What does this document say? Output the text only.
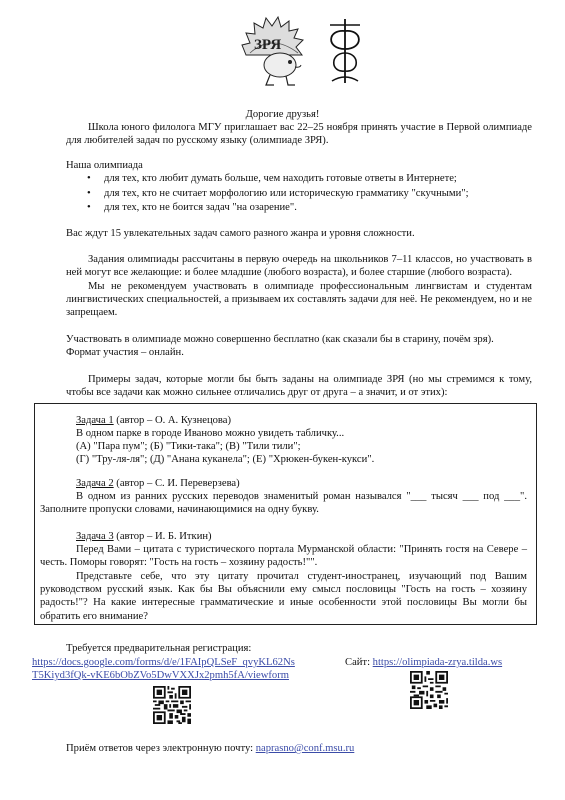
ЗРЯ
Дорогие друзья!

Школа юного филолога МГУ приглашает вас 22–25 ноября принять участие в Первой олимпиаде для любителей задач по русскому языку (олимпиаде ЗРЯ).

Наша олимпиада

• для тех, кто любит думать больше, чем находить готовые ответы в Интернете;
• для тех, кто не считает морфологию или историческую грамматику "скучными";
• для тех, кто не боится задач "на озарение".

Вас ждут 15 увлекательных задач самого разного жанра и уровня сложности.

Задания олимпиады рассчитаны в первую очередь на школьников 7–11 классов, но участвовать в ней могут все желающие: и более младшие (любого возраста), и более старшие (любого возраста).

Мы не рекомендуем участвовать в олимпиаде профессиональным лингвистам и студентам лингвистических специальностей, а призываем их составлять задачи для неё. Не рекомендуем, но и не запрещаем.

Участвовать в олимпиаде можно совершенно бесплатно (как сказали бы в старину, почём зря).

Формат участия – онлайн.

Примеры задач, которые могли бы быть заданы на олимпиаде ЗРЯ (но мы стремимся к тому, чтобы все задачи как можно сильнее отличались друг от друга – а значит, и от этих):

Задача 1 (автор – О. А. Кузнецова)

В одном парке в городе Иваново можно увидеть табличку...

(А) "Пара пум"; (Б) "Тики-така"; (В) "Тили тили";

(Г) "Тру-ля-ля"; (Д) "Анана куканела"; (Е) "Хрюкен-букен-кукси".

Задача 2 (автор – С. И. Переверзева)

В одном из ранних русских переводов знаменитый роман назывался "___ тысяч ___ под ___". Заполните пропуски словами, начинающимися на одну букву.

Задача 3 (автор – И. Б. Иткин)

Перед Вами – цитата с туристического портала Мурманской области: "Принять гостя на Севере – честь. Поморы говорят: "Гость на гость – хозяину радость!"".

Представьте себе, что эту цитату прочитал студент-иностранец, изучающий под Вашим руководством русский язык. Как бы Вы объяснили ему смысл пословицы "Гость на гость – хозяину радость!"? На какие интересные грамматические и иные особенности этой пословицы Вы могли бы обратить его внимание?

Требуется предварительная регистрация:

https://docs.google.com/forms/d/e/1FAIpQLSeF_qvyKL62Ns
T5Kiyd3fQk-vKE6bObZVo5DwVXXJx2pmh5fA/viewform

Сайт: https://olimpiada-zrya.tilda.ws

Приём ответов через электронную почту: naprasno@conf.msu.ru
